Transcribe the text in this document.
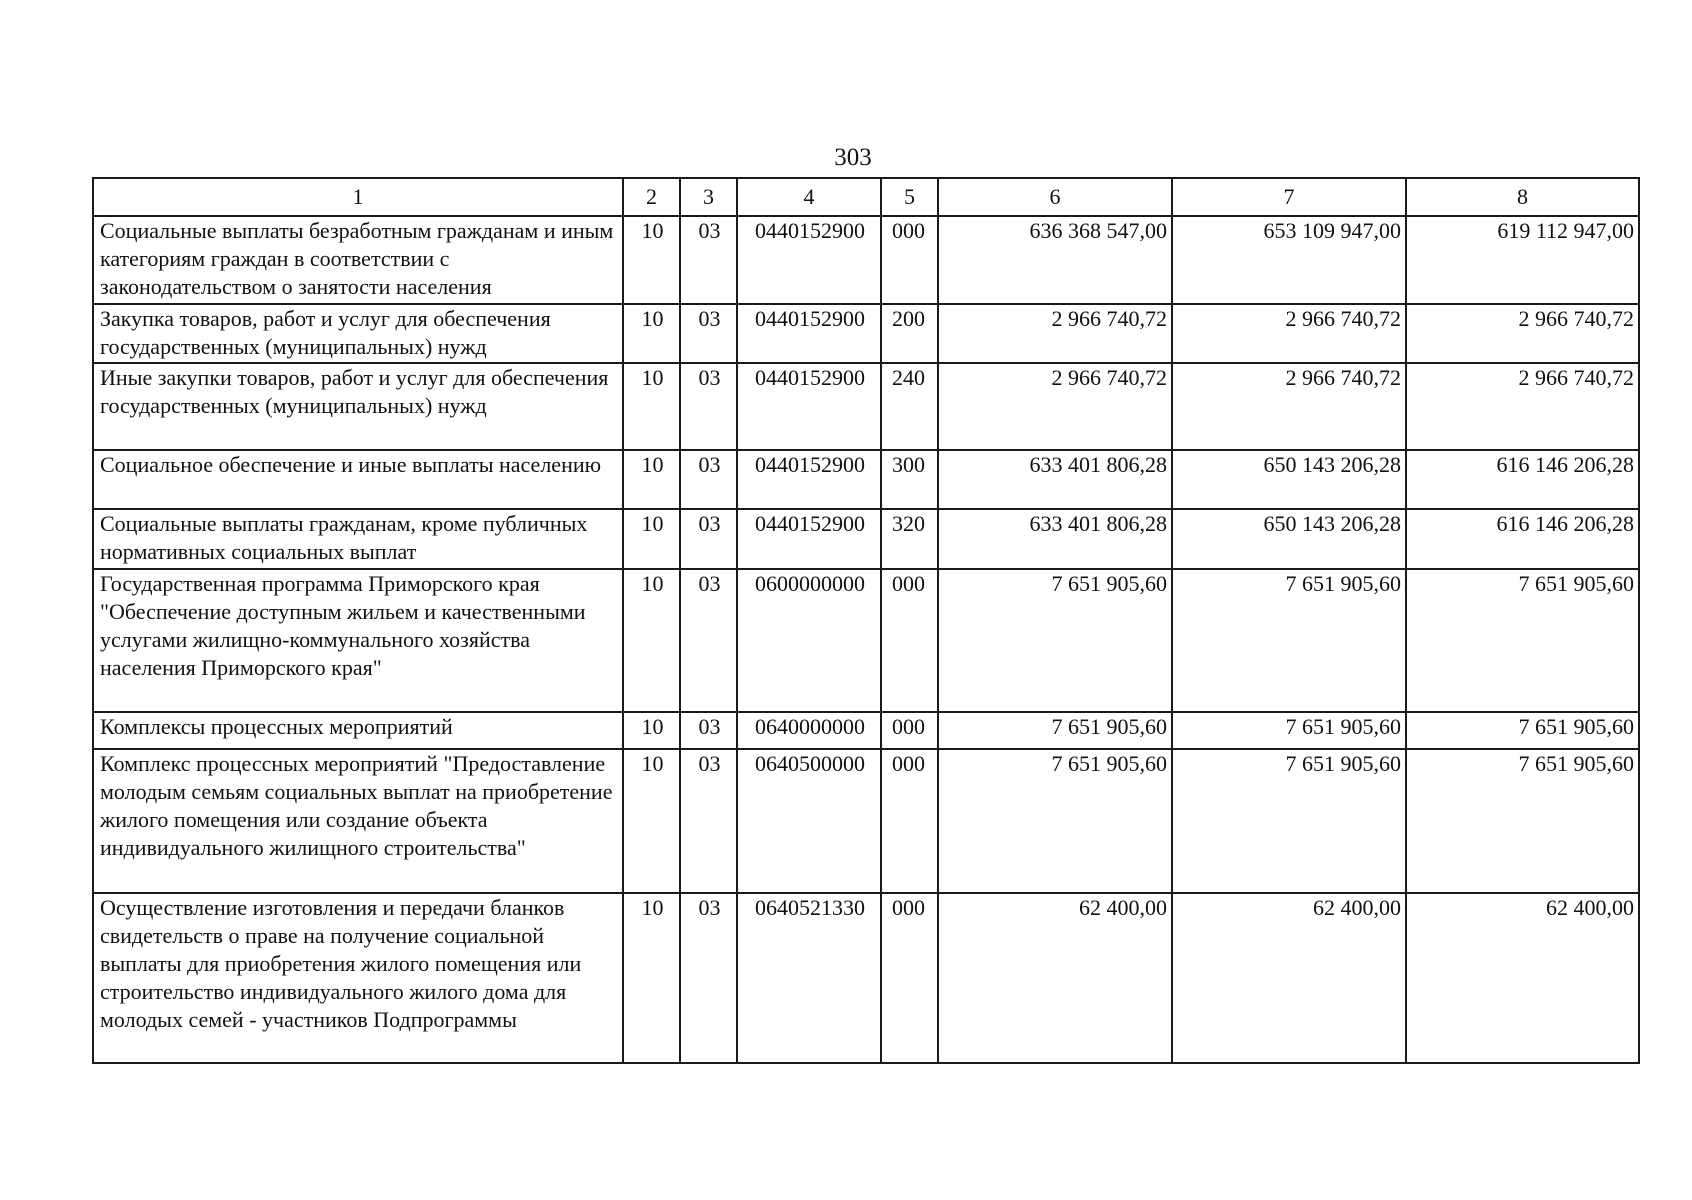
303
1	2	3	4	5	6	7	8
Социальные выплаты безработным гражданам и иным категориям граждан в соответствии с законодательством о занятости населения	10	03	0440152900	000	636 368 547,00	653 109 947,00	619 112 947,00
Закупка товаров, работ и услуг для обеспечения государственных (муниципальных) нужд	10	03	0440152900	200	2 966 740,72	2 966 740,72	2 966 740,72
Иные закупки товаров, работ и услуг для обеспечения государственных (муниципальных) нужд	10	03	0440152900	240	2 966 740,72	2 966 740,72	2 966 740,72
Социальное обеспечение и иные выплаты населению	10	03	0440152900	300	633 401 806,28	650 143 206,28	616 146 206,28
Социальные выплаты гражданам, кроме публичных нормативных социальных выплат	10	03	0440152900	320	633 401 806,28	650 143 206,28	616 146 206,28
Государственная программа Приморского края "Обеспечение доступным жильем и качественными услугами жилищно-коммунального хозяйства населения Приморского края"	10	03	0600000000	000	7 651 905,60	7 651 905,60	7 651 905,60
Комплексы процессных мероприятий	10	03	0640000000	000	7 651 905,60	7 651 905,60	7 651 905,60
Комплекс процессных мероприятий "Предоставление молодым семьям социальных выплат на приобретение жилого помещения или создание объекта индивидуального жилищного строительства"	10	03	0640500000	000	7 651 905,60	7 651 905,60	7 651 905,60
Осуществление изготовления и передачи бланков свидетельств о праве на получение социальной выплаты для приобретения жилого помещения или строительство индивидуального жилого дома для молодых семей - участников Подпрограммы	10	03	0640521330	000	62 400,00	62 400,00	62 400,00
